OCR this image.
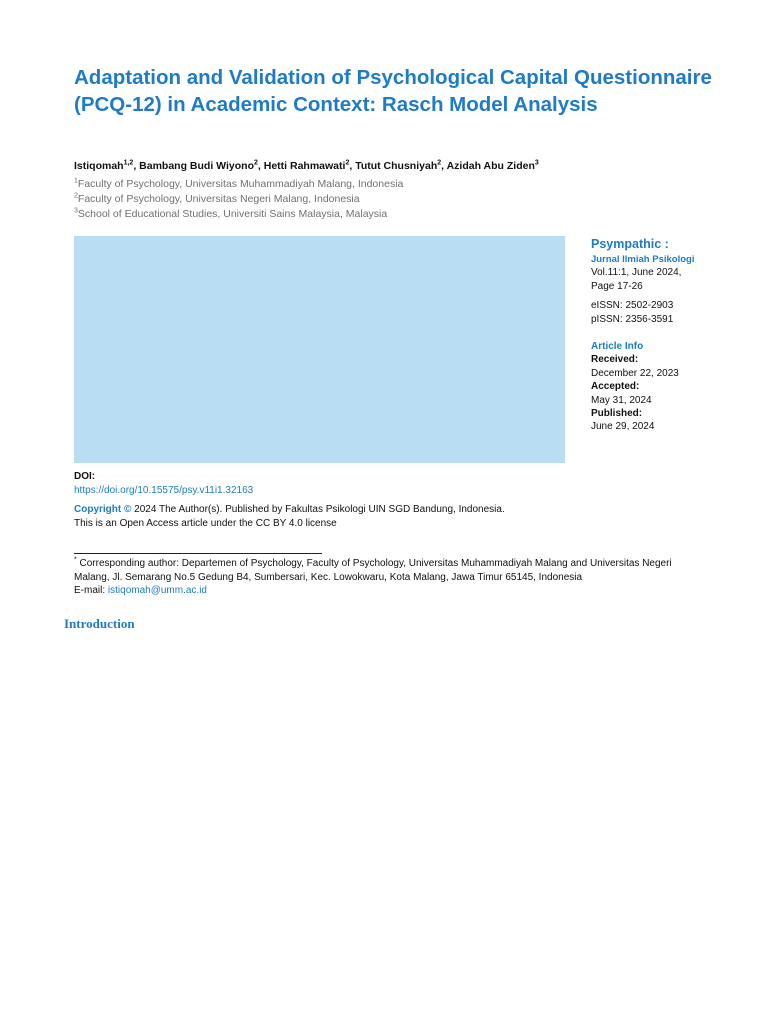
Adaptation and Validation of Psychological Capital Questionnaire (PCQ-12) in Academic Context: Rasch Model Analysis
Istiqomah$^{1,2}$, Bambang Budi Wiyono$^2$, Hetti Rahmawati$^2$, Tutut Chusniyah$^2$, Azidah Abu Ziden$^3$
$^1$Faculty of Psychology, Universitas Muhammadiyah Malang, Indonesia
$^2$Faculty of Psychology, Universitas Negeri Malang, Indonesia
$^3$School of Educational Studies, Universiti Sains Malaysia, Malaysia
Psympathic :
Jurnal Ilmiah Psikologi
Vol.11:1, June 2024,
Page 17-26
eISSN: 2502-2903
pISSN: 2356-3591
Article Info
Received:
December 22, 2023
Accepted:
May 31, 2024
Published:
June 29, 2024
DOI:
https://doi.org/10.15575/psy.v11i1.32163
Copyright © 2024 The Author(s). Published by Fakultas Psikologi UIN SGD Bandung, Indonesia.
This is an Open Access article under the CC BY 4.0 license
* Corresponding author: Departemen of Psychology, Faculty of Psychology, Universitas Muhammadiyah Malang and Universitas Negeri Malang, Jl. Semarang No.5 Gedung B4, Sumbersari, Kec. Lowokwaru, Kota Malang, Jawa Timur 65145, Indonesia
E-mail: istiqomah@umm.ac.id
Introduction
